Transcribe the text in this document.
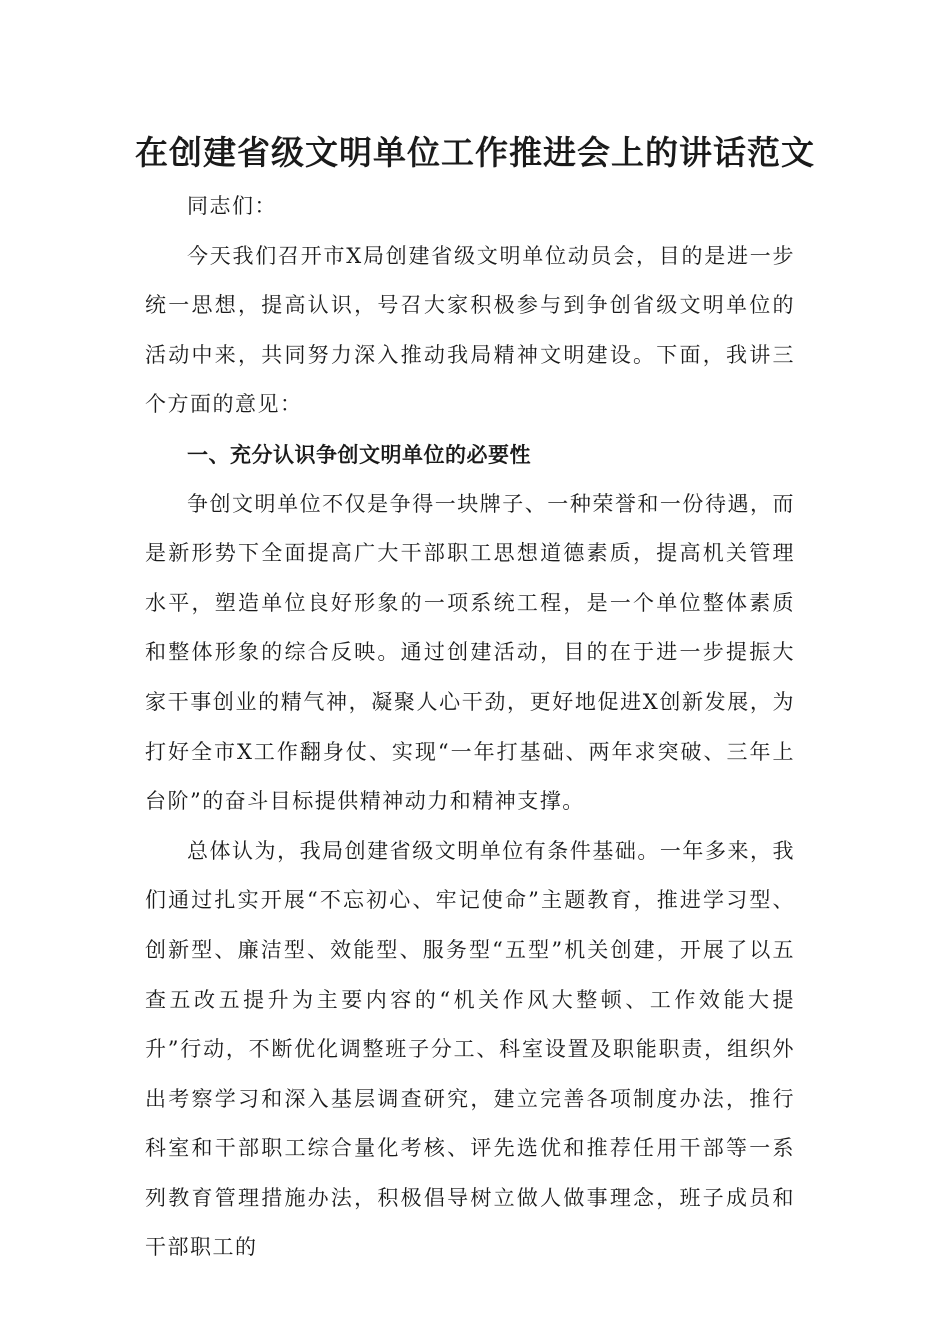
在创建省级文明单位工作推进会上的讲话范文

同志们：

今天我们召开市X局创建省级文明单位动员会，目的是进一步统一思想，提高认识，号召大家积极参与到争创省级文明单位的活动中来，共同努力深入推动我局精神文明建设。下面，我讲三个方面的意见：

一、充分认识争创文明单位的必要性

争创文明单位不仅是争得一块牌子、一种荣誉和一份待遇，而是新形势下全面提高广大干部职工思想道德素质，提高机关管理水平，塑造单位良好形象的一项系统工程，是一个单位整体素质和整体形象的综合反映。通过创建活动，目的在于进一步提振大家干事创业的精气神，凝聚人心干劲，更好地促进X创新发展，为打好全市X工作翻身仗、实现“一年打基础、两年求突破、三年上台阶”的奋斗目标提供精神动力和精神支撑。

总体认为，我局创建省级文明单位有条件基础。一年多来，我们通过扎实开展“不忘初心、牢记使命”主题教育，推进学习型、创新型、廉洁型、效能型、服务型“五型”机关创建，开展了以五查五改五提升为主要内容的“机关作风大整顿、工作效能大提升”行动，不断优化调整班子分工、科室设置及职能职责，组织外出考察学习和深入基层调查研究，建立完善各项制度办法，推行科室和干部职工综合量化考核、评先选优和推荐任用干部等一系列教育管理措施办法，积极倡导树立做人做事理念，班子成员和干部职工的
